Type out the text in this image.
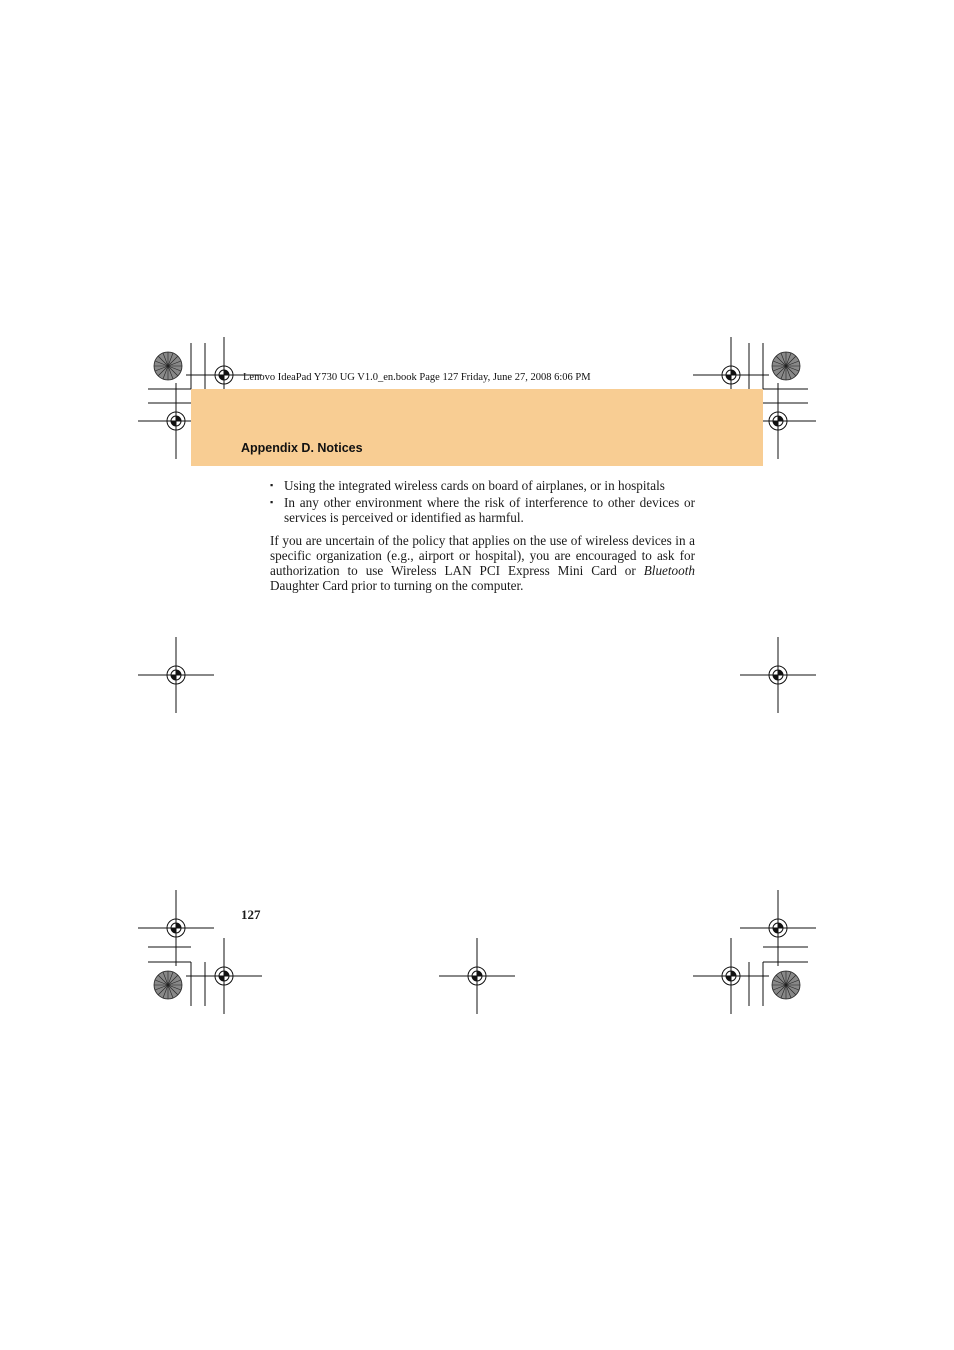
Lenovo IdeaPad Y730 UG V1.0_en.book Page 127 Friday, June 27, 2008 6:06 PM
Appendix D. Notices
▪ Using the integrated wireless cards on board of airplanes, or in hospitals
▪ In any other environment where the risk of interference to other devices or services is perceived or identified as harmful.

If you are uncertain of the policy that applies on the use of wireless devices in a specific organization (e.g., airport or hospital), you are encouraged to ask for authorization to use Wireless LAN PCI Express Mini Card or Bluetooth Daughter Card prior to turning on the computer.

127
